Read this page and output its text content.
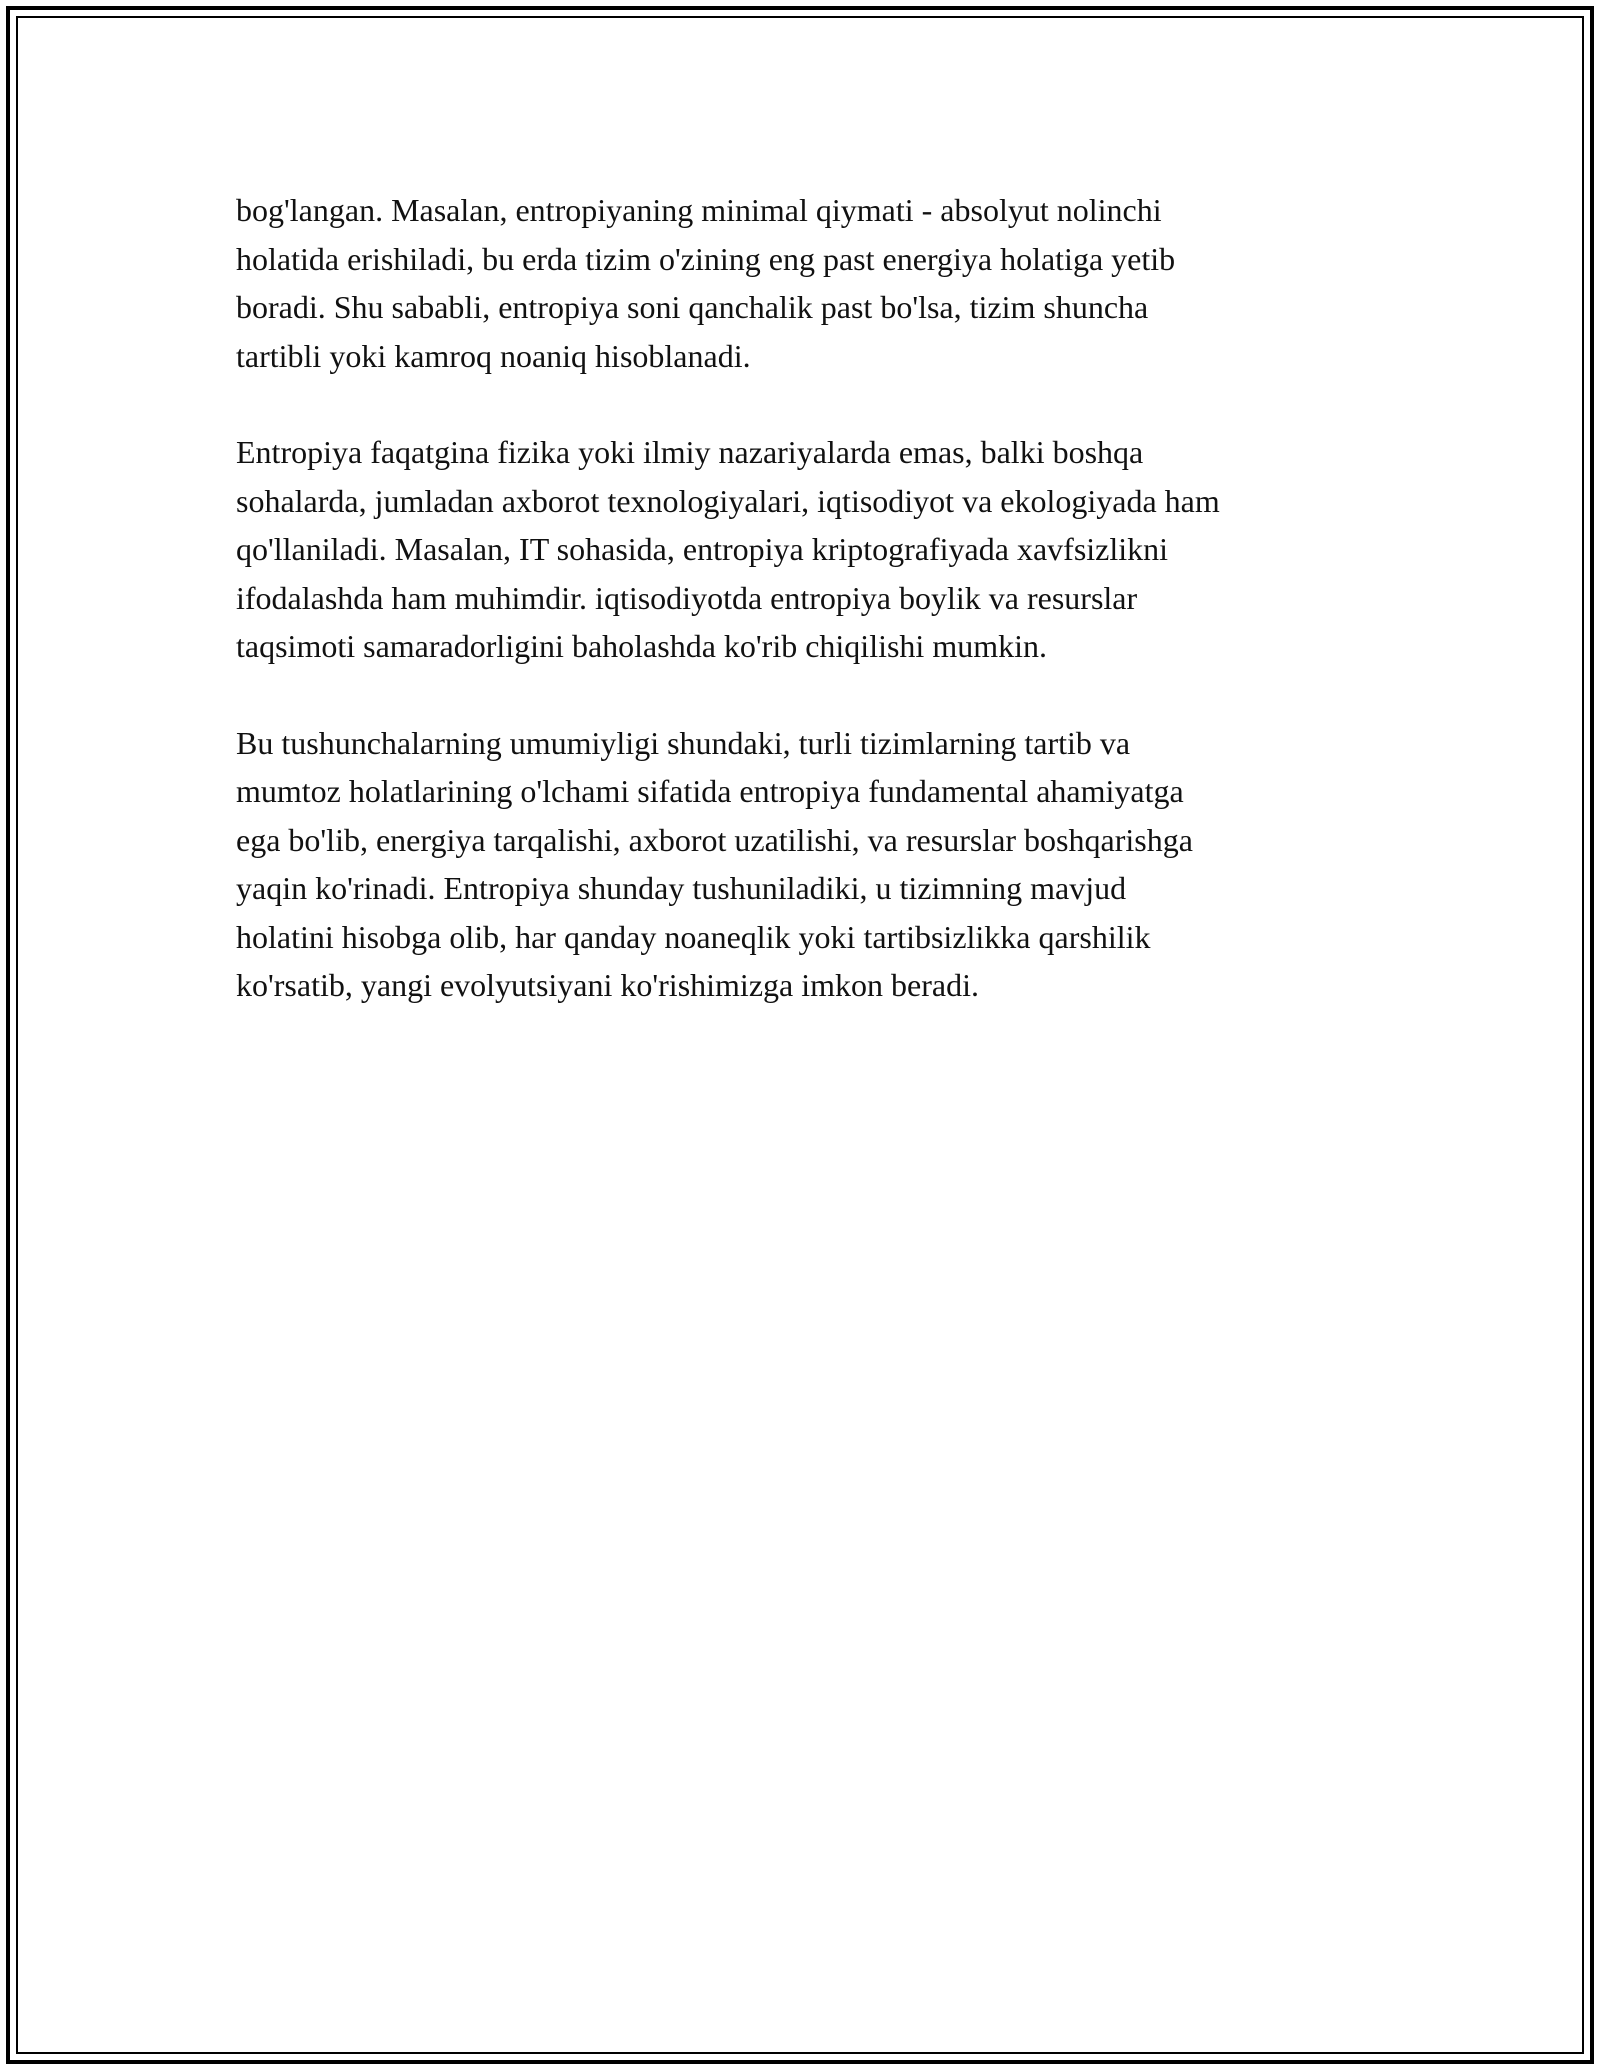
bog'langan. Masalan, entropiyaning minimal qiymati - absolyut nolinchi
holatida erishiladi, bu erda tizim o'zining eng past energiya holatiga yetib
boradi. Shu sababli, entropiya soni qanchalik past bo'lsa, tizim shuncha
tartibli yoki kamroq noaniq hisoblanadi.

Entropiya faqatgina fizika yoki ilmiy nazariyalarda emas, balki boshqa
sohalarda, jumladan axborot texnologiyalari, iqtisodiyot va ekologiyada ham
qo'llaniladi. Masalan, IT sohasida, entropiya kriptografiyada xavfsizlikni
ifodalashda ham muhimdir. iqtisodiyotda entropiya boylik va resurslar
taqsimoti samaradorligini baholashda ko'rib chiqilishi mumkin.

Bu tushunchalarning umumiyligi shundaki, turli tizimlarning tartib va
mumtoz holatlarining o'lchami sifatida entropiya fundamental ahamiyatga
ega bo'lib, energiya tarqalishi, axborot uzatilishi, va resurslar boshqarishga
yaqin ko'rinadi. Entropiya shunday tushuniladiki, u tizimning mavjud
holatini hisobga olib, har qanday noaneqlik yoki tartibsizlikka qarshilik
ko'rsatib, yangi evolyutsiyani ko'rishimizga imkon beradi.
